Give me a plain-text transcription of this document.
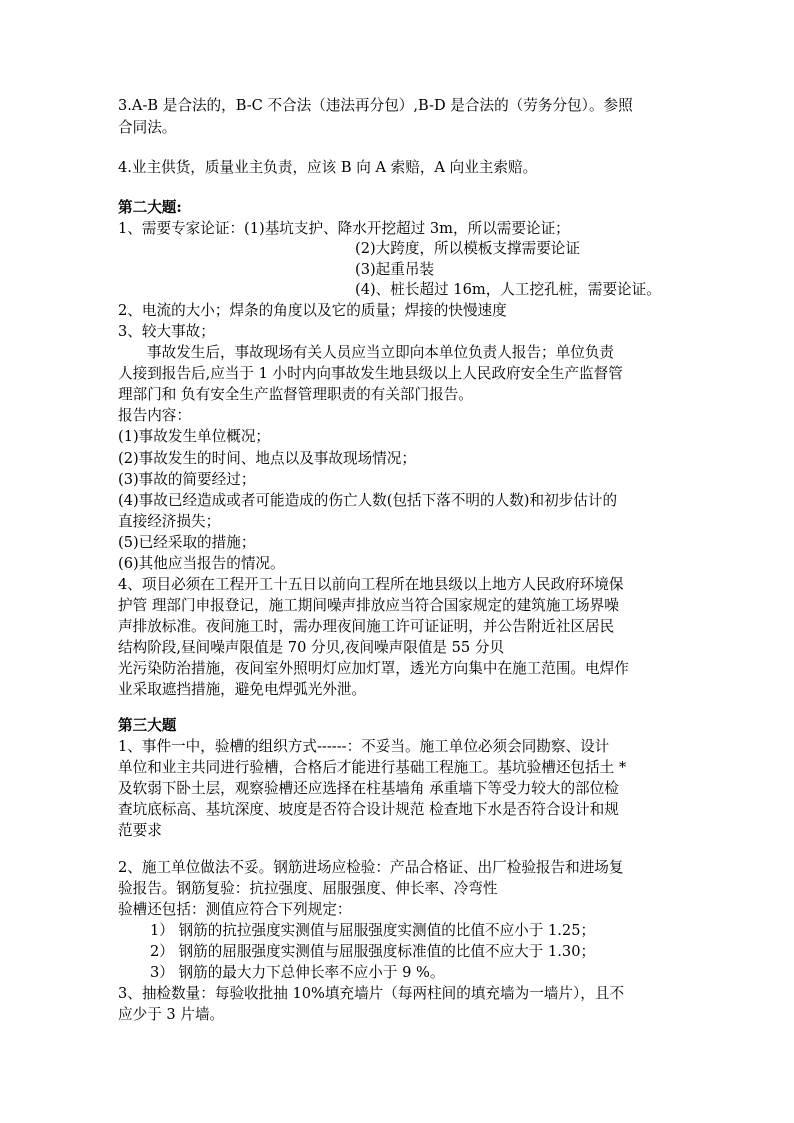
3.A-B 是合法的，B-C 不合法（违法再分包）,B-D 是合法的（劳务分包）。参照
合同法。
4.业主供货，质量业主负责，应该 B 向 A 索赔，A 向业主索赔。
第二大题:
1、需要专家论证：(1)基坑支护、降水开挖超过 3m，所以需要论证；
(2)大跨度，所以模板支撑需要论证
(3)起重吊装
(4)、桩长超过 16m，人工挖孔桩，需要论证。
2、电流的大小；焊条的角度以及它的质量；焊接的快慢速度
3、较大事故；
事故发生后，事故现场有关人员应当立即向本单位负责人报告；单位负责
人接到报告后,应当于 1 小时内向事故发生地县级以上人民政府安全生产监督管
理部门和 负有安全生产监督管理职责的有关部门报告。
报告内容：
(1)事故发生单位概况；
(2)事故发生的时间、地点以及事故现场情况；
(3)事故的简要经过；
(4)事故已经造成或者可能造成的伤亡人数(包括下落不明的人数)和初步估计的
直接经济损失；
(5)已经采取的措施；
(6)其他应当报告的情况。
4、项目必须在工程开工十五日以前向工程所在地县级以上地方人民政府环境保
护管 理部门申报登记，施工期间噪声排放应当符合国家规定的建筑施工场界噪
声排放标准。夜间施工时，需办理夜间施工许可证证明，并公告附近社区居民
结构阶段,昼间噪声限值是 70 分贝,夜间噪声限值是 55 分贝
光污染防治措施，夜间室外照明灯应加灯罩，透光方向集中在施工范围。电焊作
业采取遮挡措施，避免电焊弧光外泄。
第三大题
1、事件一中，验槽的组织方式------：不妥当。施工单位必须会同勘察、设计
单位和业主共同进行验槽，合格后才能进行基础工程施工。基坑验槽还包括土 *
及软弱下卧土层，观察验槽还应选择在柱基墙角 承重墙下等受力较大的部位检
查坑底标高、基坑深度、坡度是否符合设计规范 检查地下水是否符合设计和规
范要求
2、施工单位做法不妥。钢筋进场应检验：产品合格证、出厂检验报告和进场复
验报告。钢筋复验：抗拉强度、屈服强度、伸长率、冷弯性
验槽还包括：测值应符合下列规定：
1） 钢筋的抗拉强度实测值与屈服强度实测值的比值不应小于 1.25；
2） 钢筋的屈服强度实测值与屈服强度标准值的比值不应大于 1.30；
3） 钢筋的最大力下总伸长率不应小于 9 %。
3、抽检数量：每验收批抽 10%填充墙片（每两柱间的填充墙为一墙片），且不
应少于 3 片墙。
